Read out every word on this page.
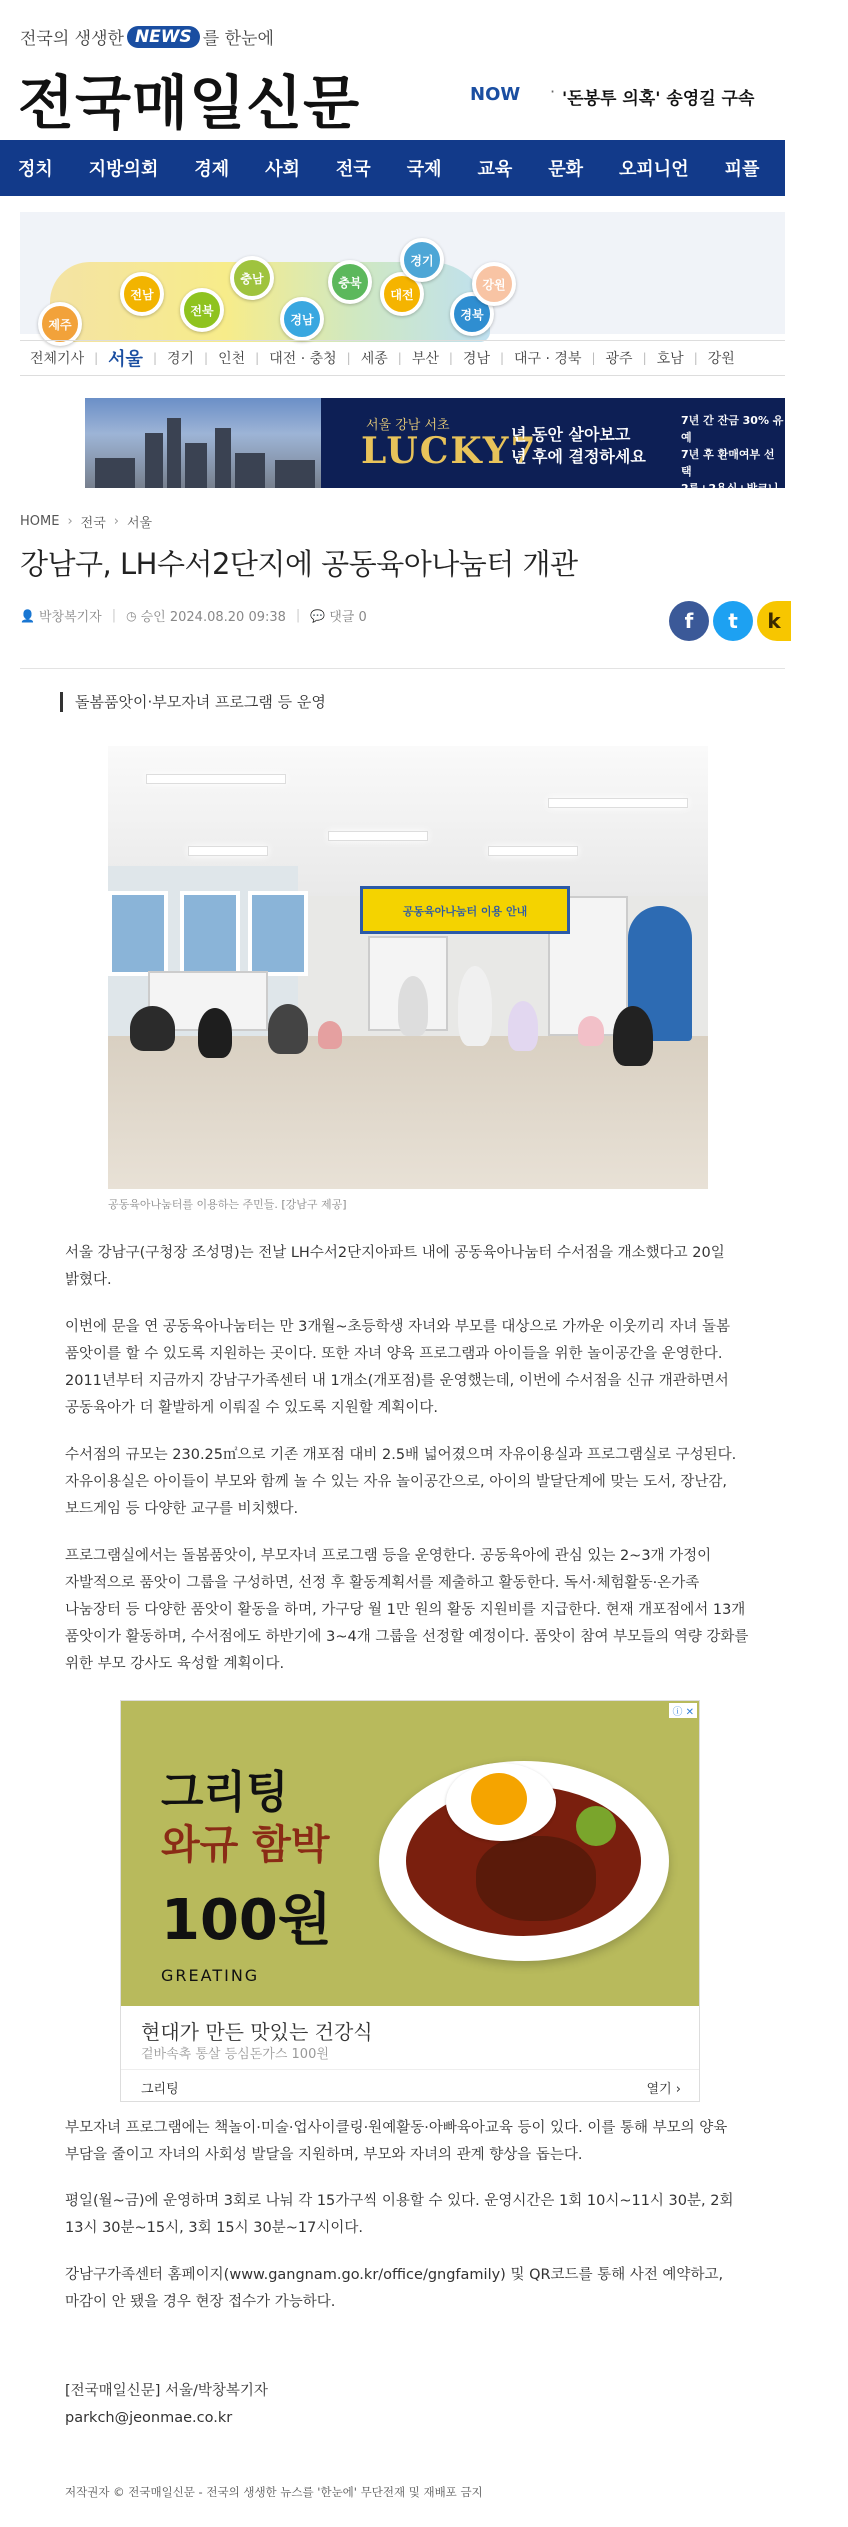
전국의 생생한 NEWS 를 한눈에
전국매일신문	NOW · '돈봉투 의혹' 송영길 구속
정치	지방의회	경제	사회	전국	국제	교육	문화	오피니언	피플	기획
제주
전남
전북
충남
경남
충북
대전
경기
경북
강원
전체기사 | 서울 | 경기 | 인천 | 대전 · 충청 | 세종 | 부산 | 경남 | 대구 · 경북 | 광주 | 호남 | 강원
서울 강남 서초
LUCKY7
년 동안 살아보고
년 후에 결정하세요
7년 간 잔금 30% 유예
7년 후 환매여부 선택
2룸+2욕실+발코니 특화
최상급 인테리어 무상
HOME › 전국 › 서울
강남구, LH수서2단지에 공동육아나눔터 개관
👤 박창복기자 | ◷ 승인 2024.08.20 09:38 | 💬 댓글 0	f	t	k
돌봄품앗이·부모자녀 프로그램 등 운영
공동육아나눔터 이용 안내
공동육아나눔터를 이용하는 주민들. [강남구 제공]

서울 강남구(구청장 조성명)는 전날 LH수서2단지아파트 내에 공동육아나눔터 수서점을 개소했다고 20일 밝혔다.

이번에 문을 연 공동육아나눔터는 만 3개월~초등학생 자녀와 부모를 대상으로 가까운 이웃끼리 자녀 돌봄 품앗이를 할 수 있도록 지원하는 곳이다. 또한 자녀 양육 프로그램과 아이들을 위한 놀이공간을 운영한다. 2011년부터 지금까지 강남구가족센터 내 1개소(개포점)를 운영했는데, 이번에 수서점을 신규 개관하면서 공동육아가 더 활발하게 이뤄질 수 있도록 지원할 계획이다.

수서점의 규모는 230.25㎡으로 기존 개포점 대비 2.5배 넓어졌으며 자유이용실과 프로그램실로 구성된다. 자유이용실은 아이들이 부모와 함께 놀 수 있는 자유 놀이공간으로, 아이의 발달단계에 맞는 도서, 장난감, 보드게임 등 다양한 교구를 비치했다.

프로그램실에서는 돌봄품앗이, 부모자녀 프로그램 등을 운영한다. 공동육아에 관심 있는 2~3개 가정이 자발적으로 품앗이 그룹을 구성하면, 선정 후 활동계획서를 제출하고 활동한다. 독서·체험활동·온가족 나눔장터 등 다양한 품앗이 활동을 하며, 가구당 월 1만 원의 활동 지원비를 지급한다. 현재 개포점에서 13개 품앗이가 활동하며, 수서점에도 하반기에 3~4개 그룹을 선정할 예정이다. 품앗이 참여 부모들의 역량 강화를 위한 부모 강사도 육성할 계획이다.

그리팅
와규 함박
100원
GREATING
ⓘ ✕
현대가 만든 맛있는 건강식
겉바속촉 통살 등심돈가스 100원
그리팅	열기 ›

부모자녀 프로그램에는 책놀이·미술·업사이클링·원예활동·아빠육아교육 등이 있다. 이를 통해 부모의 양육 부담을 줄이고 자녀의 사회성 발달을 지원하며, 부모와 자녀의 관계 향상을 돕는다.

평일(월~금)에 운영하며 3회로 나눠 각 15가구씩 이용할 수 있다. 운영시간은 1회 10시~11시 30분, 2회 13시 30분~15시, 3회 15시 30분~17시이다.

강남구가족센터 홈페이지(www.gangnam.go.kr/office/gngfamily) 및 QR코드를 통해 사전 예약하고, 마감이 안 됐을 경우 현장 접수가 가능하다.

[전국매일신문] 서울/박창복기자
parkch@jeonmae.co.kr
저작권자 © 전국매일신문 - 전국의 생생한 뉴스를 '한눈에' 무단전재 및 재배포 금지
